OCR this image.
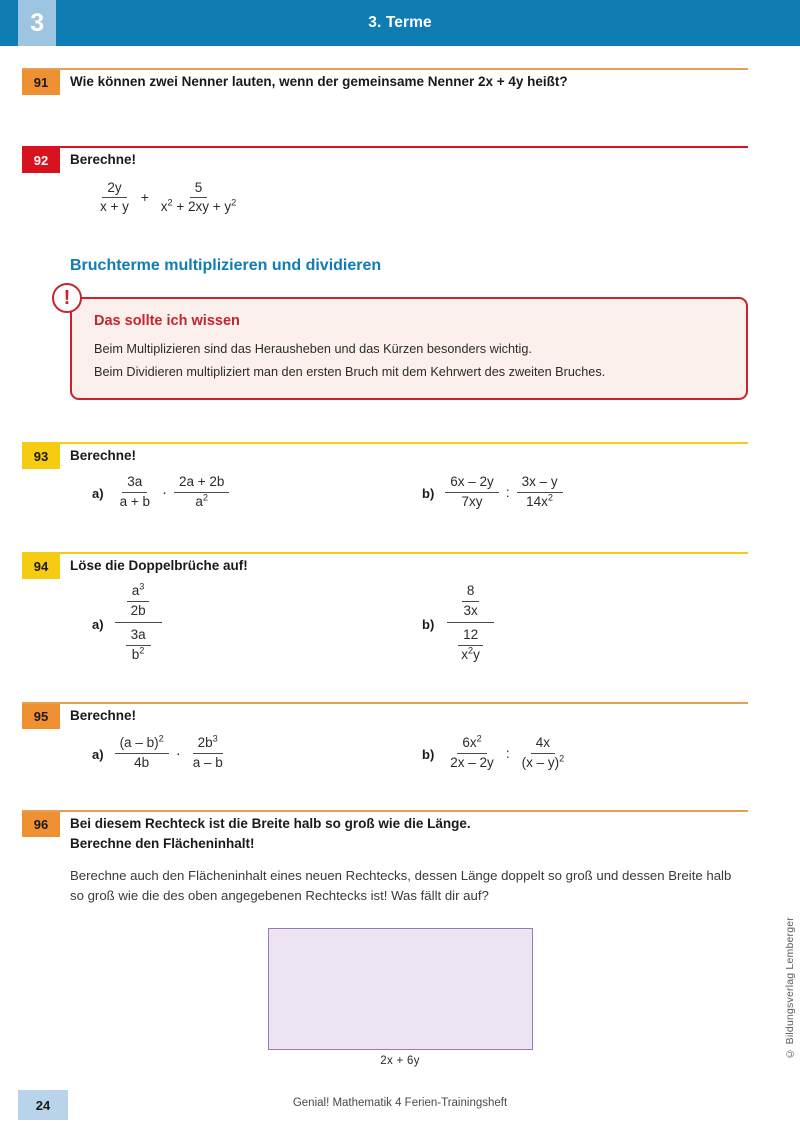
3	3. Terme
91	Wie können zwei Nenner lauten, wenn der gemeinsame Nenner 2x + 4y heißt?
92	Berechne!
$\frac{2y}{x + y} + \frac{5}{x^2 + 2xy + y^2}$
Bruchterme multiplizieren und dividieren
Das sollte ich wissen
Beim Multiplizieren sind das Herausheben und das Kürzen besonders wichtig.
Beim Dividieren multipliziert man den ersten Bruch mit dem Kehrwert des zweiten Bruches.
!
93	Berechne!
$a) \frac{3a}{a + b} \cdot \frac{2a + 2b}{a^2}$	$b) \frac{6x - 2y}{7xy}$ : $\frac{3x - y}{14x^2}$
94	Löse die Doppelbrüche auf!
$a) \frac{\frac{a^3}{2b}}{\frac{3a}{b^2}}$	$b) \frac{\frac{8}{3x}}{\frac{12}{x^2y}}$
95	Berechne!
$a) \frac{(a - b)^2}{4b} \cdot \frac{2b^3}{a - b}$	$b) \frac{6x^2}{2x - 2y}$ : $\frac{4x}{(x - y)^2}$
96	Bei diesem Rechteck ist die Breite halb so groß wie die Länge.
Berechne den Flächeninhalt!
Berechne auch den Flächeninhalt eines neuen Rechtecks, dessen Länge doppelt so groß und dessen Breite halb so groß wie die des oben angegebenen Rechtecks ist! Was fällt dir auf?
2x + 6y
© Bildungsverlag Lemberger
24	Genial! Mathematik 4 Ferien-Trainingsheft
